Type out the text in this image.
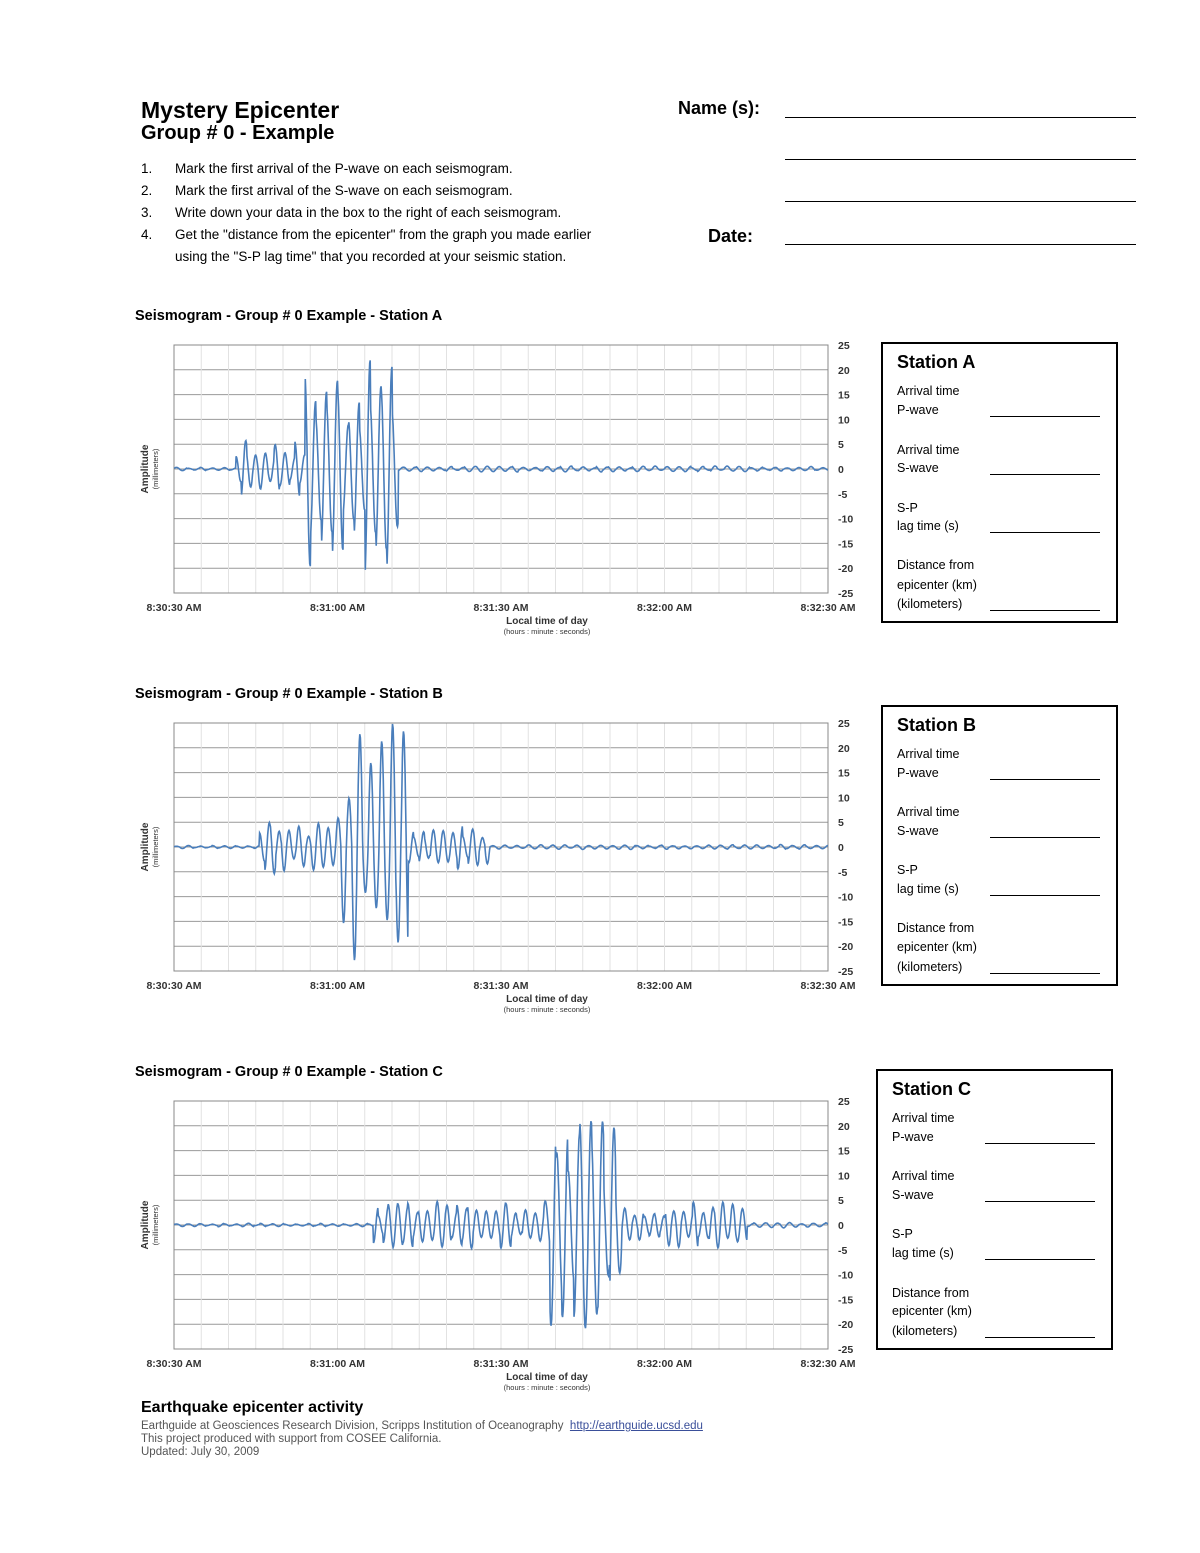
Mystery Epicenter
Group # 0 - Example
1.	Mark the first arrival of the P-wave on each seismogram.
2.	Mark the first arrival of the S-wave on each seismogram.
3.	Write down your data in the box to the right of each seismogram.
4.	Get the "distance from the epicenter" from the graph you made earlier
using the "S-P lag time" that you recorded at your seismic station.
Name (s):
Date:
Seismogram - Group # 0 Example - Station A
25
20
15
10
5
0
-5
-10
-15
-20
-25
8:30:30 AM	8:31:00 AM	8:31:30 AM	8:32:00 AM	8:32:30 AM
Local time of day
(hours : minute : seconds)
Amplitude (millimeters)
Seismogram - Group # 0 Example - Station B
25
20
15
10
5
0
-5
-10
-15
-20
-25
8:30:30 AM	8:31:00 AM	8:31:30 AM	8:32:00 AM	8:32:30 AM
Local time of day
(hours : minute : seconds)
Amplitude (millimeters)
Seismogram - Group # 0 Example - Station C
25
20
15
10
5
0
-5
-10
-15
-20
-25
8:30:30 AM	8:31:00 AM	8:31:30 AM	8:32:00 AM	8:32:30 AM
Local time of day
(hours : minute : seconds)
Amplitude (millimeters)
Station A
Arrival time
P-wave
Arrival time
S-wave
S-P
lag time (s)
Distance from
epicenter (km)
(kilometers)
Station B
Arrival time
P-wave
Arrival time
S-wave
S-P
lag time (s)
Distance from
epicenter (km)
(kilometers)
Station C
Arrival time
P-wave
Arrival time
S-wave
S-P
lag time (s)
Distance from
epicenter (km)
(kilometers)
Earthquake epicenter activity
Earthguide at Geosciences Research Division, Scripps Institution of Oceanography http://earthguide.ucsd.edu
This project produced with support from COSEE California.
Updated: July 30, 2009
